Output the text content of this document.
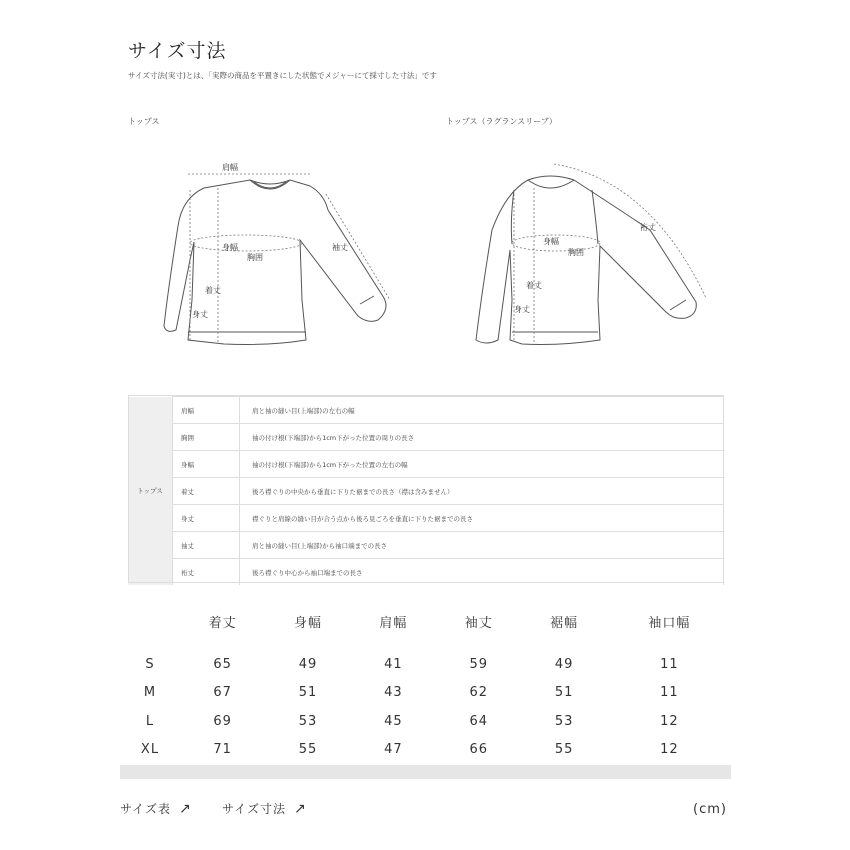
サイズ寸法
サイズ寸法(実寸)とは、「実際の商品を平置きにした状態でメジャーにて採寸した寸法」です
トップス	トップス（ラグランスリーブ）
肩幅
身幅
胸囲
袖丈
着丈
身丈
裄丈
身幅
胸囲
着丈
身丈
トップス	肩幅	肩と袖の縫い目(上端部)の左右の幅
	胸囲	袖の付け根(下端部)から1cm下がった位置の周りの長さ
	身幅	袖の付け根(下端部)から1cm下がった位置の左右の幅
	着丈	後ろ襟ぐりの中央から垂直に下りた裾までの長さ（襟は含みません）
	身丈	襟ぐりと肩線の縫い目が合う点から後ろ見ごろを垂直に下りた裾までの長さ
	袖丈	肩と袖の縫い目(上端部)から袖口端までの長さ
	裄丈	後ろ襟ぐり中心から袖口端までの長さ
	着丈	身幅	肩幅	袖丈	裾幅	袖口幅

S	65	49	41	59	49	11
M	67	51	43	62	51	11
L	69	53	45	64	53	12
XL	71	55	47	66	55	12
サイズ表 ↗	サイズ寸法 ↗	(cm)
